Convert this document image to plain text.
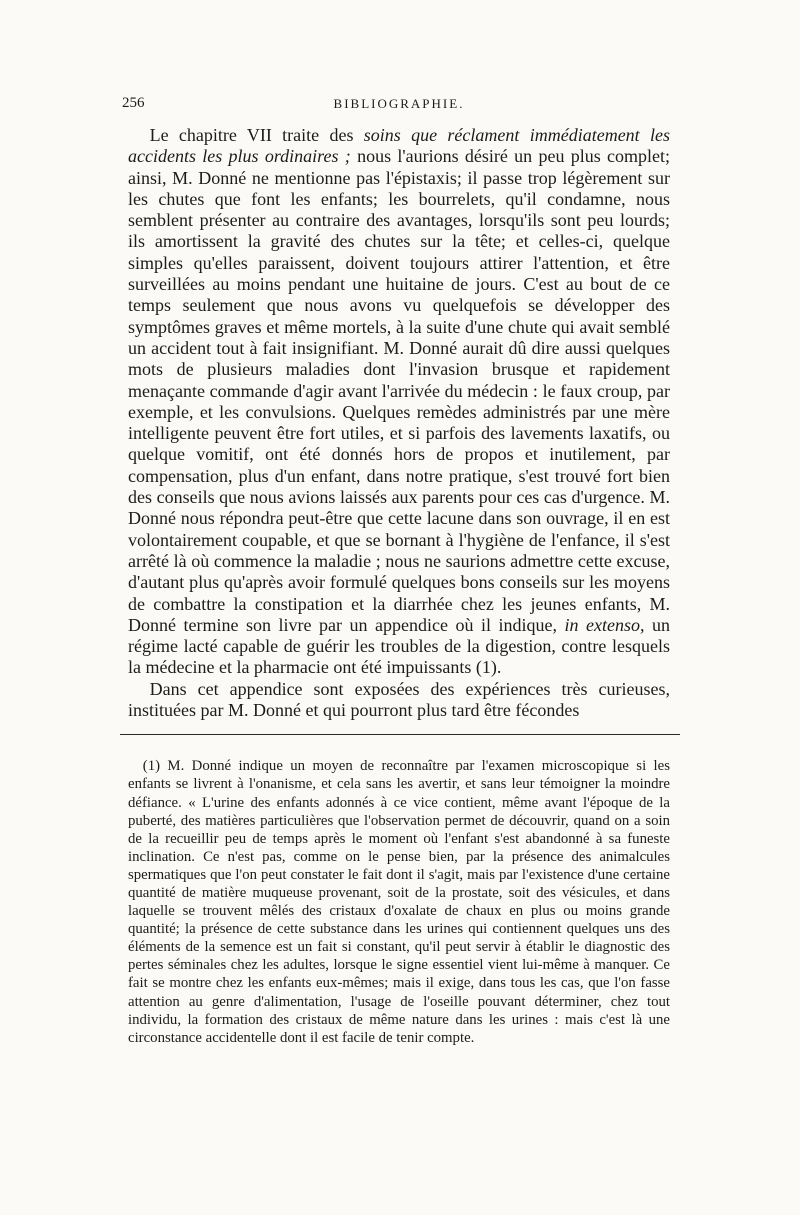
256	BIBLIOGRAPHIE.

Le chapitre VII traite des soins que réclament immédiatement les accidents les plus ordinaires ; nous l'aurions désiré un peu plus complet; ainsi, M. Donné ne mentionne pas l'épistaxis; il passe trop légèrement sur les chutes que font les enfants; les bourrelets, qu'il condamne, nous semblent présenter au contraire des avantages, lorsqu'ils sont peu lourds; ils amortissent la gravité des chutes sur la tête; et celles-ci, quelque simples qu'elles paraissent, doivent toujours attirer l'attention, et être surveillées au moins pendant une huitaine de jours. C'est au bout de ce temps seulement que nous avons vu quelquefois se développer des symptômes graves et même mortels, à la suite d'une chute qui avait semblé un accident tout à fait insignifiant. M. Donné aurait dû dire aussi quelques mots de plusieurs maladies dont l'invasion brusque et rapidement menaçante commande d'agir avant l'arrivée du médecin : le faux croup, par exemple, et les convulsions. Quelques remèdes administrés par une mère intelligente peuvent être fort utiles, et si parfois des lavements laxatifs, ou quelque vomitif, ont été donnés hors de propos et inutilement, par compensation, plus d'un enfant, dans notre pratique, s'est trouvé fort bien des conseils que nous avions laissés aux parents pour ces cas d'urgence. M. Donné nous répondra peut-être que cette lacune dans son ouvrage, il en est volontairement coupable, et que se bornant à l'hygiène de l'enfance, il s'est arrêté là où commence la maladie ; nous ne saurions admettre cette excuse, d'autant plus qu'après avoir formulé quelques bons conseils sur les moyens de combattre la constipation et la diarrhée chez les jeunes enfants, M. Donné termine son livre par un appendice où il indique, in extenso, un régime lacté capable de guérir les troubles de la digestion, contre lesquels la médecine et la pharmacie ont été impuissants (1).

Dans cet appendice sont exposées des expériences très curieuses, instituées par M. Donné et qui pourront plus tard être fécondes

(1) M. Donné indique un moyen de reconnaître par l'examen microscopique si les enfants se livrent à l'onanisme, et cela sans les avertir, et sans leur témoigner la moindre défiance. « L'urine des enfants adonnés à ce vice contient, même avant l'époque de la puberté, des matières particulières que l'observation permet de découvrir, quand on a soin de la recueillir peu de temps après le moment où l'enfant s'est abandonné à sa funeste inclination. Ce n'est pas, comme on le pense bien, par la présence des animalcules spermatiques que l'on peut constater le fait dont il s'agit, mais par l'existence d'une certaine quantité de matière muqueuse provenant, soit de la prostate, soit des vésicules, et dans laquelle se trouvent mêlés des cristaux d'oxalate de chaux en plus ou moins grande quantité; la présence de cette substance dans les urines qui contiennent quelques uns des éléments de la semence est un fait si constant, qu'il peut servir à établir le diagnostic des pertes séminales chez les adultes, lorsque le signe essentiel vient lui-même à manquer. Ce fait se montre chez les enfants eux-mêmes; mais il exige, dans tous les cas, que l'on fasse attention au genre d'alimentation, l'usage de l'oseille pouvant déterminer, chez tout individu, la formation des cristaux de même nature dans les urines : mais c'est là une circonstance accidentelle dont il est facile de tenir compte.
